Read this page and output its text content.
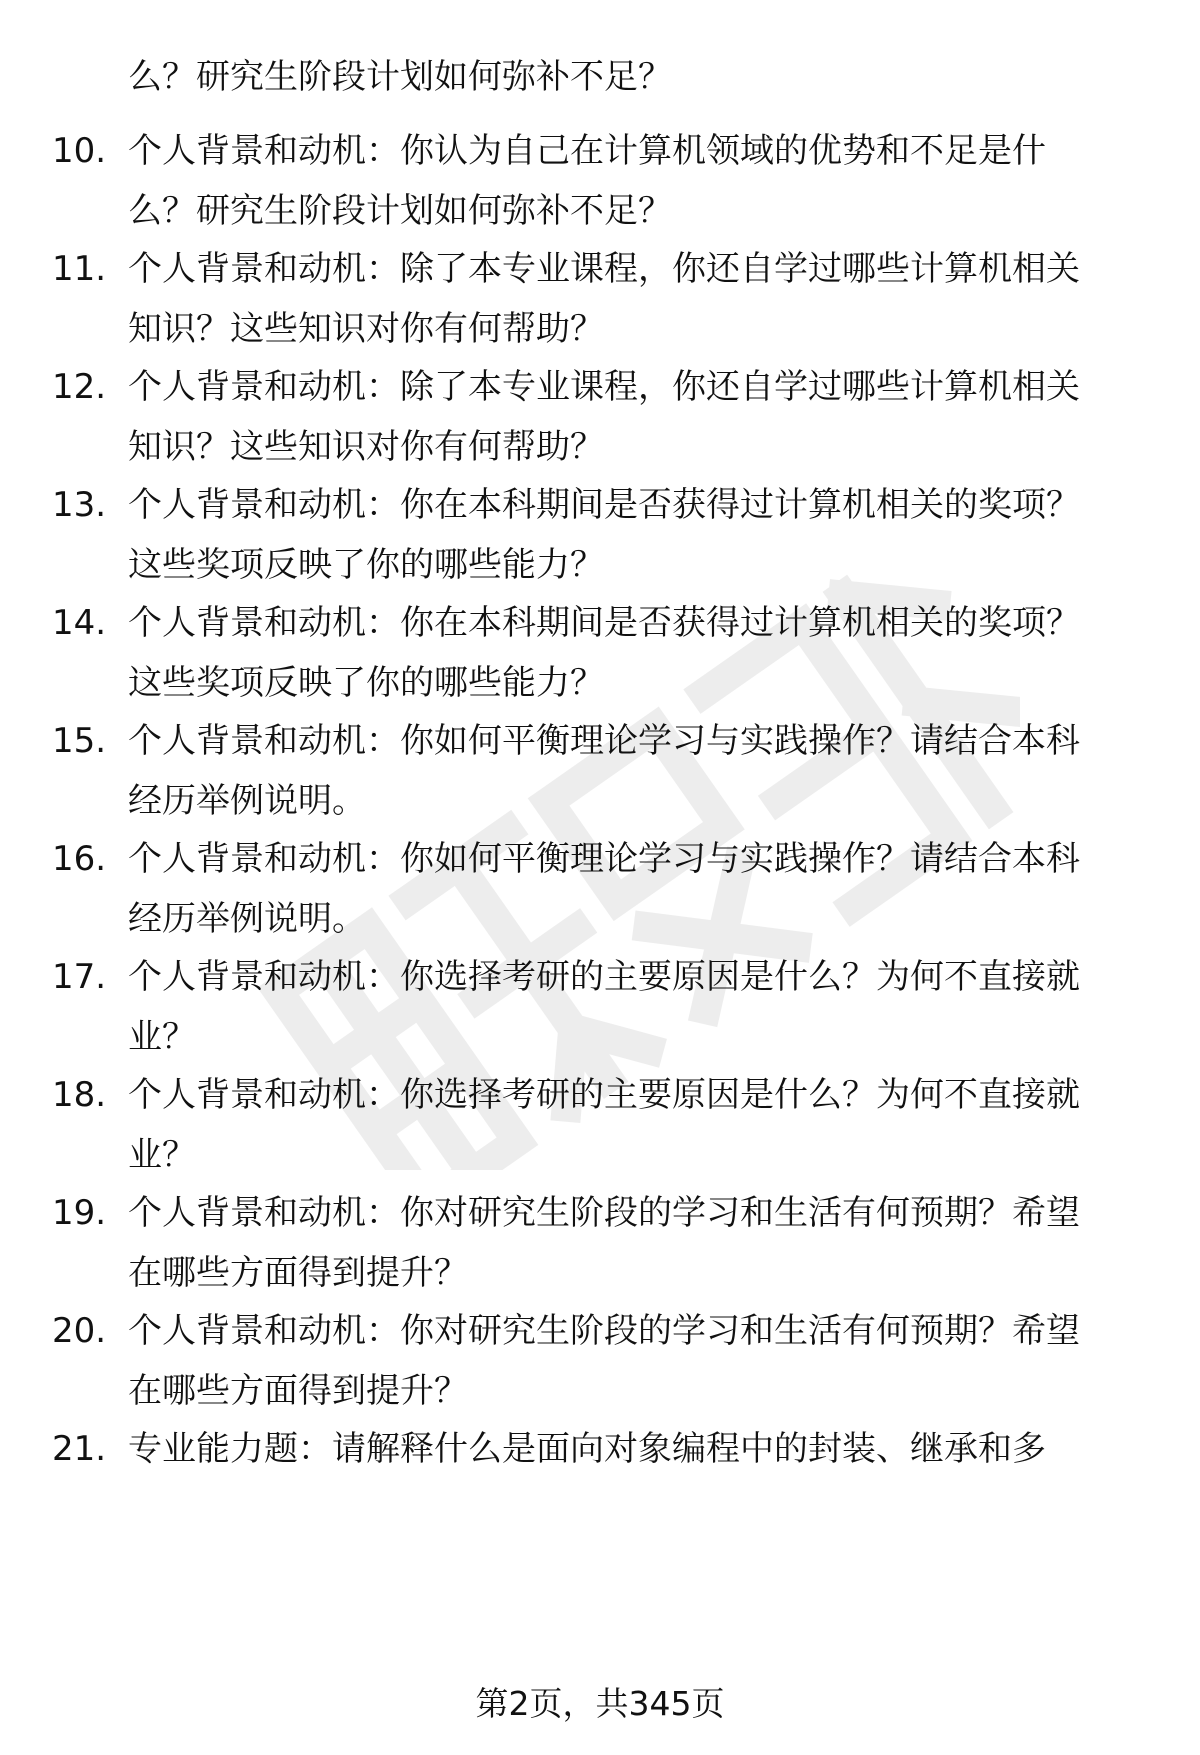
么？研究生阶段计划如何弥补不足？
10. 个人背景和动机：你认为自己在计算机领域的优势和不足是什
么？研究生阶段计划如何弥补不足？
11. 个人背景和动机：除了本专业课程，你还自学过哪些计算机相关
知识？这些知识对你有何帮助？
12. 个人背景和动机：除了本专业课程，你还自学过哪些计算机相关
知识？这些知识对你有何帮助？
13. 个人背景和动机：你在本科期间是否获得过计算机相关的奖项？
这些奖项反映了你的哪些能力？
14. 个人背景和动机：你在本科期间是否获得过计算机相关的奖项？
这些奖项反映了你的哪些能力？
15. 个人背景和动机：你如何平衡理论学习与实践操作？请结合本科
经历举例说明。
16. 个人背景和动机：你如何平衡理论学习与实践操作？请结合本科
经历举例说明。
17. 个人背景和动机：你选择考研的主要原因是什么？为何不直接就
业？
18. 个人背景和动机：你选择考研的主要原因是什么？为何不直接就
业？
19. 个人背景和动机：你对研究生阶段的学习和生活有何预期？希望
在哪些方面得到提升？
20. 个人背景和动机：你对研究生阶段的学习和生活有何预期？希望
在哪些方面得到提升？
21. 专业能力题：请解释什么是面向对象编程中的封装、继承和多
第2页，共345页
